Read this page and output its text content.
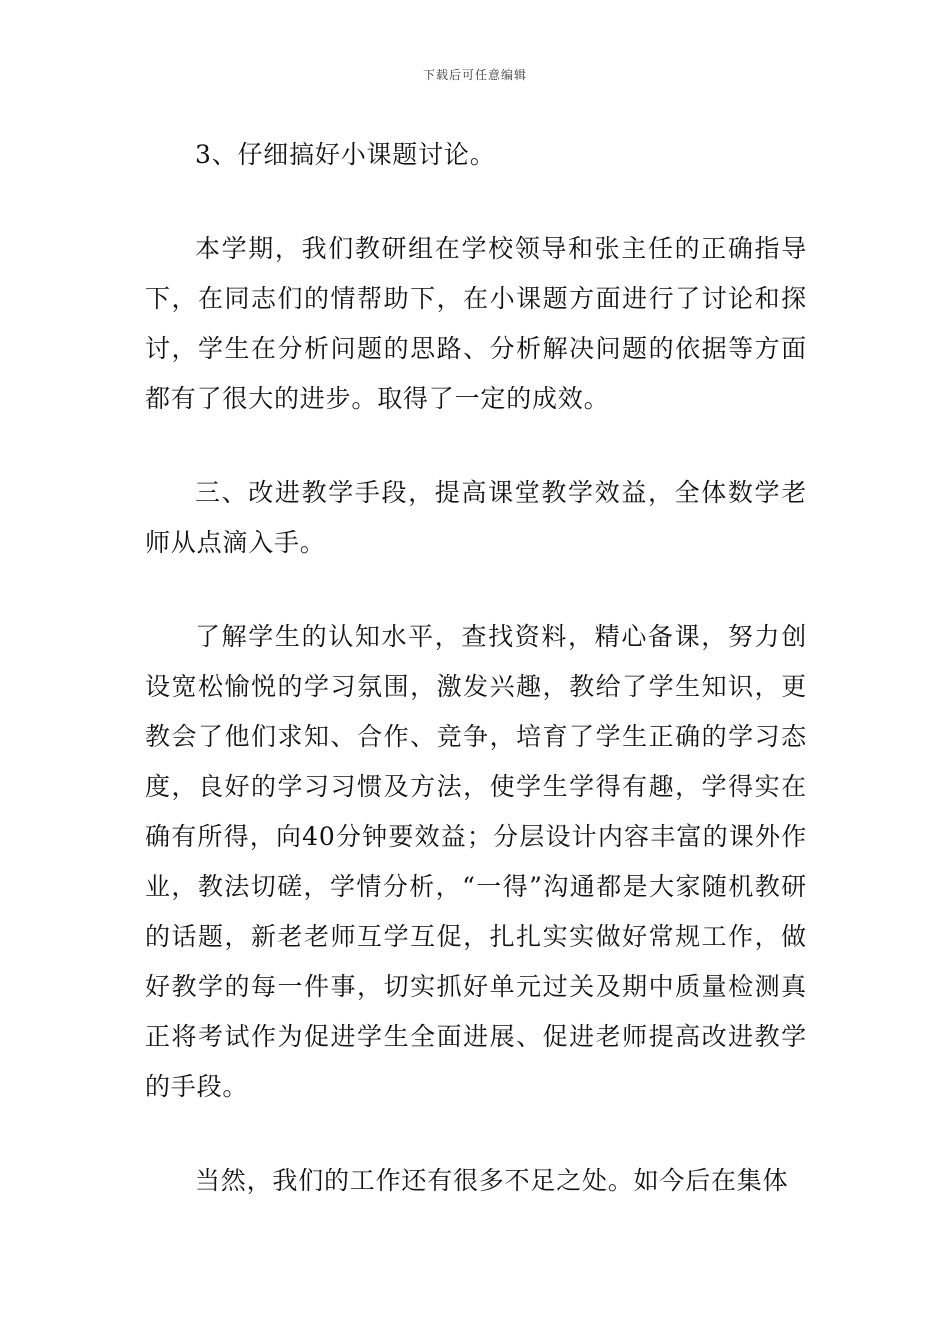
下载后可任意编辑

3、仔细搞好小课题讨论。

本学期，我们教研组在学校领导和张主任的正确指导下，在同志们的情帮助下，在小课题方面进行了讨论和探讨，学生在分析问题的思路、分析解决问题的依据等方面都有了很大的进步。取得了一定的成效。

三、改进教学手段，提高课堂教学效益，全体数学老师从点滴入手。

了解学生的认知水平，查找资料，精心备课，努力创设宽松愉悦的学习氛围，激发兴趣，教给了学生知识，更教会了他们求知、合作、竞争，培育了学生正确的学习态度，良好的学习习惯及方法，使学生学得有趣，学得实在确有所得，向40分钟要效益；分层设计内容丰富的课外作业，教法切磋，学情分析，“一得”沟通都是大家随机教研的话题，新老老师互学互促，扎扎实实做好常规工作，做好教学的每一件事，切实抓好单元过关及期中质量检测真正将考试作为促进学生全面进展、促进老师提高改进教学的手段。

当然，我们的工作还有很多不足之处。如今后在集体
